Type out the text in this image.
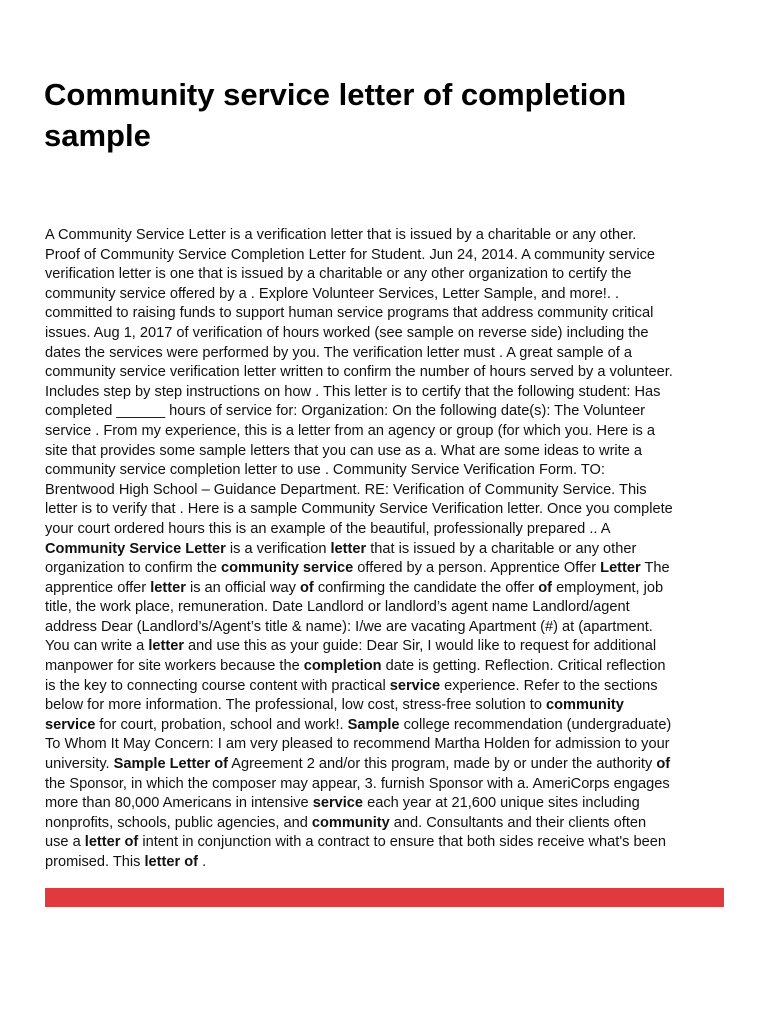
Community service letter of completion sample

A Community Service Letter is a verification letter that is issued by a charitable or any other.
Proof of Community Service Completion Letter for Student. Jun 24, 2014. A community service
verification letter is one that is issued by a charitable or any other organization to certify the
community service offered by a . Explore Volunteer Services, Letter Sample, and more!. .
committed to raising funds to support human service programs that address community critical
issues. Aug 1, 2017 of verification of hours worked (see sample on reverse side) including the
dates the services were performed by you. The verification letter must . A great sample of a
community service verification letter written to confirm the number of hours served by a volunteer.
Includes step by step instructions on how . This letter is to certify that the following student: Has
completed ______ hours of service for: Organization: On the following date(s): The Volunteer
service . From my experience, this is a letter from an agency or group (for which you. Here is a
site that provides some sample letters that you can use as a. What are some ideas to write a
community service completion letter to use . Community Service Verification Form. TO:
Brentwood High School – Guidance Department. RE: Verification of Community Service. This
letter is to verify that . Here is a sample Community Service Verification letter. Once you complete
your court ordered hours this is an example of the beautiful, professionally prepared .. A
Community Service Letter is a verification letter that is issued by a charitable or any other
organization to confirm the community service offered by a person. Apprentice Offer Letter The
apprentice offer letter is an official way of confirming the candidate the offer of employment, job
title, the work place, remuneration. Date Landlord or landlord’s agent name Landlord/agent
address Dear (Landlord’s/Agent’s title & name): I/we are vacating Apartment (#) at (apartment.
You can write a letter and use this as your guide: Dear Sir, I would like to request for additional
manpower for site workers because the completion date is getting. Reflection. Critical reflection
is the key to connecting course content with practical service experience. Refer to the sections
below for more information. The professional, low cost, stress-free solution to community
service for court, probation, school and work!. Sample college recommendation (undergraduate)
To Whom It May Concern: I am very pleased to recommend Martha Holden for admission to your
university. Sample Letter of Agreement 2 and/or this program, made by or under the authority of
the Sponsor, in which the composer may appear, 3. furnish Sponsor with a. AmeriCorps engages
more than 80,000 Americans in intensive service each year at 21,600 unique sites including
nonprofits, schools, public agencies, and community and. Consultants and their clients often
use a letter of intent in conjunction with a contract to ensure that both sides receive what's been
promised. This letter of .
